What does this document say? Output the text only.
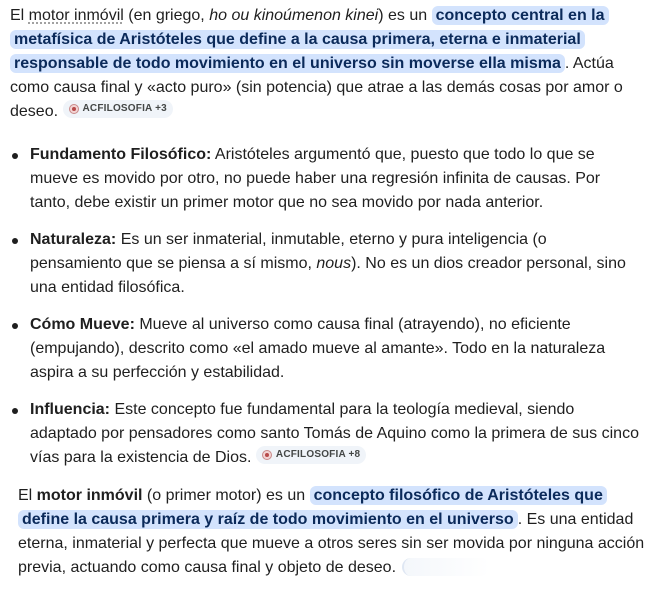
El motor inmóvil (en griego, ho ou kinoúmenon kinei) es un concepto central en la metafísica de Aristóteles que define a la causa primera, eterna e inmaterial responsable de todo movimiento en el universo sin moverse ella misma . Actúa como causa final y «acto puro» (sin potencia) que atrae a las demás cosas por amor o deseo. ACFILOSOFIA +3

Fundamento Filosófico: Aristóteles argumentó que, puesto que todo lo que se mueve es movido por otro, no puede haber una regresión infinita de causas. Por tanto, debe existir un primer motor que no sea movido por nada anterior.
Naturaleza: Es un ser inmaterial, inmutable, eterno y pura inteligencia (o pensamiento que se piensa a sí mismo, nous). No es un dios creador personal, sino una entidad filosófica.
Cómo Mueve: Mueve al universo como causa final (atrayendo), no eficiente (empujando), descrito como «el amado mueve al amante». Todo en la naturaleza aspira a su perfección y estabilidad.
Influencia: Este concepto fue fundamental para la teología medieval, siendo adaptado por pensadores como santo Tomás de Aquino como la primera de sus cinco vías para la existencia de Dios. ACFILOSOFIA +8

El motor inmóvil (o primer motor) es un concepto filosófico de Aristóteles que define la causa primera y raíz de todo movimiento en el universo . Es una entidad eterna, inmaterial y perfecta que mueve a otros seres sin ser movida por ninguna acción previa, actuando como causa final y objeto de deseo.
